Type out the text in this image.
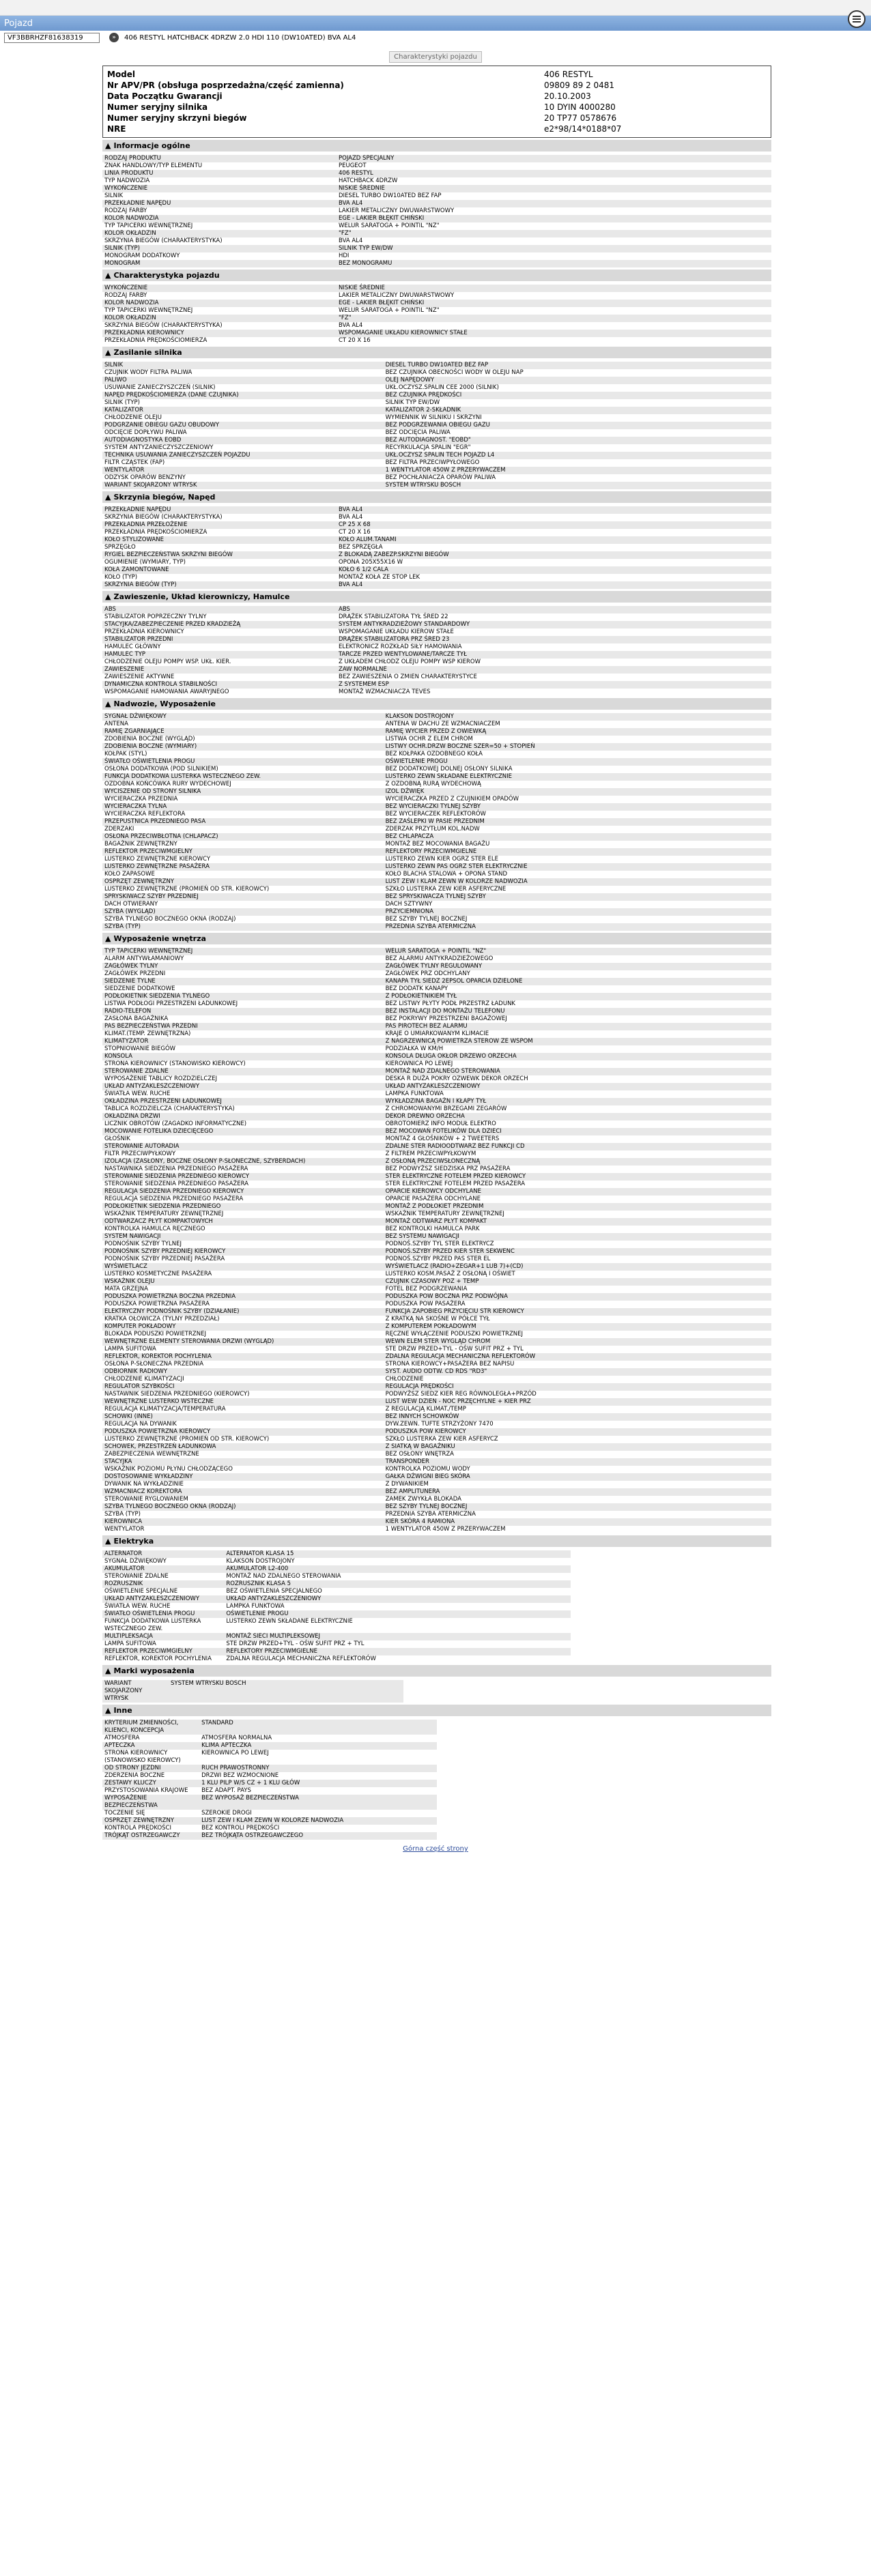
Pojazd
VF3BBRHZF81638319	»	406 RESTYL HATCHBACK 4DRZW 2.0 HDI 110 (DW10ATED) BVA AL4
Charakterystyki pojazdu
Model	406 RESTYL
Nr APV/PR (obsługa posprzedażna/część zamienna)	09809 89 2 0481
Data Początku Gwarancji	20.10.2003
Numer seryjny silnika	10 DYIN 4000280
Numer seryjny skrzyni biegów	20 TP77 0578676
NRE	e2*98/14*0188*07
▲ Informacje ogólne
RODZAJ PRODUKTU	POJAZD SPECJALNY
ZNAK HANDLOWY/TYP ELEMENTU	PEUGEOT
LINIA PRODUKTU	406 RESTYL
TYP NADWOZIA	HATCHBACK 4DRZW
WYKOŃCZENIE	NISKIE ŚREDNIE
SILNIK	DIESEL TURBO DW10ATED BEZ FAP
PRZEKŁADNIE NAPĘDU	BVA AL4
RODZAJ FARBY	LAKIER METALICZNY DWUWARSTWOWY
KOLOR NADWOZIA	EGE - LAKIER BŁĘKIT CHIŃSKI
TYP TAPICERKI WEWNĘTRZNEJ	WELUR SARATOGA + POINTIL "NZ"
KOLOR OKŁADZIN	"FZ"
SKRZYNIA BIEGÓW (CHARAKTERYSTYKA)	BVA AL4
SILNIK (TYP)	SILNIK TYP EW/DW
MONOGRAM DODATKOWY	HDI
MONOGRAM	BEZ MONOGRAMU
▲ Charakterystyka pojazdu
WYKOŃCZENIE	NISKIE ŚREDNIE
RODZAJ FARBY	LAKIER METALICZNY DWUWARSTWOWY
KOLOR NADWOZIA	EGE - LAKIER BŁĘKIT CHIŃSKI
TYP TAPICERKI WEWNĘTRZNEJ	WELUR SARATOGA + POINTIL "NZ"
KOLOR OKŁADZIN	"FZ"
SKRZYNIA BIEGÓW (CHARAKTERYSTYKA)	BVA AL4
PRZEKŁADNIA KIEROWNICY	WSPOMAGANIE UKŁADU KIEROWNICY STAŁE
PRZEKŁADNIA PRĘDKOŚCIOMIERZA	CT 20 X 16
▲ Zasilanie silnika
SILNIK	DIESEL TURBO DW10ATED BEZ FAP
CZUJNIK WODY FILTRA PALIWA	BEZ CZUJNIKA OBECNOŚCI WODY W OLEJU NAP
PALIWO	OLEJ NAPĘDOWY
USUWANIE ZANIECZYSZCZEŃ (SILNIK)	UKŁ.OCZYSZ.SPALIN CEE 2000 (SILNIK)
NAPĘD PRĘDKOŚCIOMIERZA (DANE CZUJNIKA)	BEZ CZUJNIKA PRĘDKOŚCI
SILNIK (TYP)	SILNIK TYP EW/DW
KATALIZATOR	KATALIZATOR 2-SKŁADNIK
CHŁODZENIE OLEJU	WYMIENNIK W SILNIKU I SKRZYNI
PODGRZANIE OBIEGU GAZU OBUDOWY	BEZ PODGRZEWANIA OBIEGU GAZU
ODCIĘCIE DOPŁYWU PALIWA	BEZ ODCIĘCIA PALIWA
AUTODIAGNOSTYKA EOBD	BEZ AUTODIAGNOST. "EOBD"
SYSTEM ANTYZANIECZYSZCZENIOWY	RECYRKULACJA SPALIN "EGR"
TECHNIKA USUWANIA ZANIECZYSZCZEŃ POJAZDU	UKŁ.OCZYSZ SPALIN TECH POJAZD L4
FILTR CZĄSTEK (FAP)	BEZ FILTRA PRZECIWPYŁOWEGO
WENTYLATOR	1 WENTYLATOR 450W Z PRZERYWACZEM
ODZYSK OPARÓW BENZYNY	BEZ POCHŁANIACZA OPARÓW PALIWA
WARIANT SKOJARZONY WTRYSK	SYSTEM WTRYSKU BOSCH
▲ Skrzynia biegów, Napęd
PRZEKŁADNIE NAPĘDU	BVA AL4
SKRZYNIA BIEGÓW (CHARAKTERYSTYKA)	BVA AL4
PRZEKŁADNIA PRZEŁOŻENIE	CP 25 X 68
PRZEKŁADNIA PRĘDKOŚCIOMIERZA	CT 20 X 16
KOŁO STYLIZOWANE	KOŁO ALUM.TANAMI
SPRZĘGŁO	BEZ SPRZĘGŁA
RYGIEL BEZPIECZEŃSTWA SKRZYNI BIEGÓW	Z BLOKADĄ ZABEZP.SKRZYNI BIEGÓW
OGUMIENIE (WYMIARY, TYP)	OPONA 205X55X16 W
KOŁA ZAMONTOWANE	KOŁO 6 1/2 CALA
KOŁO (TYP)	MONTAŻ KOŁA ZE STOP LEK
SKRZYNIA BIEGÓW (TYP)	BVA AL4
▲ Zawieszenie, Układ kierowniczy, Hamulce
ABS	ABS
STABILIZATOR POPRZECZNY TYLNY	DRĄŻEK STABILIZATORA TYŁ ŚRED 22
STACYJKA/ZABEZPIECZENIE PRZED KRADZIEŻĄ	SYSTEM ANTYKRADZIEŻOWY STANDARDOWY
PRZEKŁADNIA KIEROWNICY	WSPOMAGANIE UKŁADU KIEROW STAŁE
STABILIZATOR PRZEDNI	DRĄŻEK STABILIZATORA PRZ ŚRED 23
HAMULEC GŁÓWNY	ELEKTRONICZ ROZKŁAD SIŁY HAMOWANIA
HAMULEC TYP	TARCZE PRZED WENTYLOWANE/TARCZE TYŁ
CHŁODZENIE OLEJU POMPY WSP. UKŁ. KIER.	Z UKŁADEM CHŁODZ OLEJU POMPY WSP KIEROW
ZAWIESZENIE	ZAW NORMALNE
ZAWIESZENIE AKTYWNE	BEZ ZAWIESZENIA O ZMIEN CHARAKTERYSTYCE
DYNAMICZNA KONTROLA STABILNOŚCI	Z SYSTEMEM ESP
WSPOMAGANIE HAMOWANIA AWARYJNEGO	MONTAŻ WZMACNIACZA TEVES
▲ Nadwozie, Wyposażenie
SYGNAŁ DŹWIĘKOWY	KLAKSON DOSTROJONY
ANTENA	ANTENA W DACHU ZE WZMACNIACZEM
RAMIĘ ZGARNIAJĄCE	RAMIĘ WYCIER PRZED Z OWIEWKĄ
ZDOBIENIA BOCZNE (WYGLĄD)	LISTWA OCHR Z ELEM CHROM
ZDOBIENIA BOCZNE (WYMIARY)	LISTWY OCHR.DRZW BOCZNE SZER=50 + STOPIEŃ
KOŁPAK (STYL)	BEZ KOŁPAKA OZDOBNEGO KOŁA
ŚWIATŁO OŚWIETLENIA PROGU	OŚWIETLENIE PROGU
OSŁONA DODATKOWA (POD SILNIKIEM)	BEZ DODATKOWEJ DOLNEJ OSŁONY SILNIKA
FUNKCJA DODATKOWA LUSTERKA WSTECZNEGO ZEW.	LUSTERKO ZEWN SKŁADANE ELEKTRYCZNIE
OZDOBNA KOŃCÓWKA RURY WYDECHOWEJ	Z OZDOBNĄ RURĄ WYDECHOWĄ
WYCISZENIE OD STRONY SILNIKA	IZOL DŹWIĘK
WYCIERACZKA PRZEDNIA	WYCIERACZKA PRZED Z CZUJNIKIEM OPADÓW
WYCIERACZKA TYLNA	BEZ WYCIERACZKI TYLNEJ SZYBY
WYCIERACZKA REFLEKTORA	BEZ WYCIERACZEK REFLEKTORÓW
PRZEPUSTNICA PRZEDNIEGO PASA	BEZ ZAŚLEPKI W PASIE PRZEDNIM
ZDERZAKI	ZDERZAK PRZYTŁUM KOL.NADW
OSŁONA PRZECIWBŁOTNA (CHLAPACZ)	BEZ CHLAPACZA
BAGAŻNIK ZEWNĘTRZNY	MONTAŻ BEZ MOCOWANIA BAGAŻU
REFLEKTOR PRZECIWMGIELNY	REFLEKTORY PRZECIWMGIELNE
LUSTERKO ZEWNĘTRZNE KIEROWCY	LUSTERKO ZEWN KIER OGRZ STER ELE
LUSTERKO ZEWNĘTRZNE PASAŻERA	LUSTERKO ZEWN PAS OGRZ STER ELEKTRYCZNIE
KOŁO ZAPASOWE	KOŁO BLACHA STALOWA + OPONA STAND
OSPRZĘT ZEWNĘTRZNY	LUST ZEW I KLAM ZEWN W KOLORZE NADWOZIA
LUSTERKO ZEWNĘTRZNE (PROMIEŃ OD STR. KIEROWCY)	SZKŁO LUSTERKA ZEW KIER ASFERYCZNE
SPRYSKIWACZ SZYBY PRZEDNIEJ	BEZ SPRYSKIWACZA TYLNEJ SZYBY
DACH OTWIERANY	DACH SZTYWNY
SZYBA (WYGLĄD)	PRZYCIEMNIONA
SZYBA TYLNEGO BOCZNEGO OKNA (RODZAJ)	BEZ SZYBY TYLNEJ BOCZNEJ
SZYBA (TYP)	PRZEDNIA SZYBA ATERMICZNA
▲ Wyposażenie wnętrza
TYP TAPICERKI WEWNĘTRZNEJ	WELUR SARATOGA + POINTIL "NZ"
ALARM ANTYWŁAMANIOWY	BEZ ALARMU ANTYKRADZIEŻOWEGO
ZAGŁÓWEK TYLNY	ZAGŁÓWEK TYLNY REGULOWANY
ZAGŁÓWEK PRZEDNI	ZAGŁÓWEK PRZ ODCHYLANY
SIEDZENIE TYLNE	KANAPA TYŁ SIEDZ 2EPSOL OPARCIA DZIELONE
SIEDZENIE DODATKOWE	BEZ DODATK KANAPY
PODŁOKIETNIK SIEDZENIA TYLNEGO	Z PODŁOKIETNIKIEM TYŁ
LISTWA PODŁOGI PRZESTRZENI ŁADUNKOWEJ	BEZ LISTWY PŁYTY PODŁ PRZESTRZ ŁADUNK
RADIO-TELEFON	BEZ INSTALACJI DO MONTAŻU TELEFONU
ZASŁONA BAGAŻNIKA	BEZ POKRYWY PRZESTRZENI BAGAŻOWEJ
PAS BEZPIECZEŃSTWA PRZEDNI	PAS PIROTECH BEZ ALARMU
KLIMAT.(TEMP. ZEWNĘTRZNA)	KRAJE O UMIARKOWANYM KLIMACIE
KLIMATYZATOR	Z NAGRZEWNICĄ POWIETRZA STEROW ZE WSPOM
STOPNIOWANIE BIEGÓW	PODZIAŁKA W KM/H
KONSOLA	KONSOLA DŁUGA OKŁOR DRZEWO ORZECHA
STRONA KIEROWNICY (STANOWISKO KIEROWCY)	KIEROWNICA PO LEWEJ
STEROWANIE ZDALNE	MONTAŻ NAD ZDALNEGO STEROWANIA
WYPOSAŻENIE TABLICY ROZDZIELCZEJ	DESKA R DUŻA POKRY OZWEWK DEKOR ORZECH
UKŁAD ANTYZAKLESZCZENIOWY	UKŁAD ANTYZAKLESZCZENIOWY
ŚWIATŁA WEW. RUCHE	LAMPKA FUNKTOWA
OKŁADZINA PRZESTRZENI ŁADUNKOWEJ	WYKŁADZINA BAGAŻN I KŁAPY TYŁ
TABLICA ROZDZIELCZA (CHARAKTERYSTYKA)	Z CHROMOWANYMI BRZEGAMI ZEGARÓW
OKŁADZINA DRZWI	DEKOR DREWNO ORZECHA
LICZNIK OBROTÓW (ZAGADKO INFORMATYCZNE)	OBROTOMIERZ INFO MODUŁ ELEKTRO
MOCOWANIE FOTELIKA DZIECIĘCEGO	BEZ MOCOWAŃ FOTELIKÓW DLA DZIECI
GŁOŚNIK	MONTAŻ 4 GŁOŚNIKÓW + 2 TWEETERS
STEROWANIE AUTORADIA	ZDALNE STER RADIOODTWARZ BEZ FUNKCJI CD
FILTR PRZECIWPYŁKOWY	Z FILTREM PRZECIWPYŁKOWYM
IZOLACJA (ZASŁONY, BOCZNE OSŁONY P-SŁONECZNE, SZYBERDACH)	Z OSŁONĄ PRZECIWSŁONECZNĄ
NASTAWNIKA SIEDZENIA PRZEDNIEGO PASAŻERA	BEZ PODWYŻSZ SIEDZISKA PRZ PASAŻERA
STEROWANIE SIEDZENIA PRZEDNIEGO KIEROWCY	STER ELEKTRYCZNE FOTELEM PRZED KIEROWCY
STEROWANIE SIEDZENIA PRZEDNIEGO PASAŻERA	STER ELEKTRYCZNE FOTELEM PRZED PASAŻERA
REGULACJA SIEDZENIA PRZEDNIEGO KIEROWCY	OPARCIE KIEROWCY ODCHYLANE
REGULACJA SIEDZENIA PRZEDNIEGO PASAŻERA	OPARCIE PASAŻERA ODCHYLANE
PODŁOKIETNIK SIEDZENIA PRZEDNIEGO	MONTAŻ Z PODŁOKIET PRZEDNIM
WSKAŹNIK TEMPERATURY ZEWNĘTRZNEJ	WSKAŹNIK TEMPERATURY ZEWNĘTRZNEJ
ODTWARZACZ PŁYT KOMPAKTOWYCH	MONTAŻ ODTWARZ PŁYT KOMPAKT
KONTROLKA HAMULCA RĘCZNEGO	BEZ KONTROLKI HAMULCA PARK
SYSTEM NAWIGACJI	BEZ SYSTEMU NAWIGACJI
PODNOŚNIK SZYBY TYLNEJ	PODNOŚ.SZYBY TYL STER ELEKTRYCZ
PODNOŚNIK SZYBY PRZEDNIEJ KIEROWCY	PODNOŚ.SZYBY PRZED KIER STER SEKWENC
PODNOŚNIK SZYBY PRZEDNIEJ PASAŻERA	PODNOŚ.SZYBY PRZED PAS STER EL
WYŚWIETLACZ	WYŚWIETLACZ (RADIO+ZEGAR+1 LUB 7)+(CD)
LUSTERKO KOSMETYCZNE PASAŻERA	LUSTERKO KOSM.PASAŻ Z OSŁONĄ I OŚWIET
WSKAŹNIK OLEJU	CZUJNIK CZASOWY POZ + TEMP
MATA GRZEJNA	FOTEL BEZ PODGRZEWANIA
PODUSZKA POWIETRZNA BOCZNA PRZEDNIA	PODUSZKA POW BOCZNA PRZ PODWÓJNA
PODUSZKA POWIETRZNA PASAŻERA	PODUSZKA POW PASAŻERA
ELEKTRYCZNY PODNOŚNIK SZYBY (DZIAŁANIE)	FUNKCJA ZAPOBIEG PRZYCIĘCIU STR KIEROWCY
KRATKA OŁOWICZA (TYLNY PRZEDZIAŁ)	Z KRATKĄ NA SKOŚNE W PÓŁCE TYŁ
KOMPUTER POKŁADOWY	Z KOMPUTEREM POKŁADOWYM
BLOKADA PODUSZKI POWIETRZNEJ	RĘCZNE WYŁĄCZENIE PODUSZKI POWIETRZNEJ
WEWNĘTRZNE ELEMENTY STEROWANIA DRZWI (WYGLĄD)	WEWN ELEM STER WYGLĄD CHROM
LAMPA SUFITOWA	STE DRZW PRZED+TYL - OŚW SUFIT PRZ + TYL
REFLEKTOR, KOREKTOR POCHYLENIA	ZDALNA REGULACJA MECHANICZNA REFLEKTORÓW
OSŁONA P-SŁONECZNA PRZEDNIA	STRONA KIEROWCY+PASAŻERA BEZ NAPISU
ODBIORNIK RADIOWY	SYST. AUDIO ODTW. CD RDS "RD3"
CHŁODZENIE KLIMATYZACJI	CHŁODZENIE
REGULATOR SZYBKOŚCI	REGULACJA PRĘDKOŚCI
NASTAWNIK SIEDZENIA PRZEDNIEGO (KIEROWCY)	PODWYŻSZ SIEDZ KIER REG RÓWNOLEGŁA+PRZÓD
WEWNĘTRZNE LUSTERKO WSTECZNE	LUST WEW DZIEN - NOC PRZĘCHYLNE + KIER PRZ
REGULACJA KLIMATYZACJA/TEMPERATURA	Z REGULACJĄ KLIMAT./TEMP
SCHOWKI (INNE)	BEZ INNYCH SCHOWKÓW
REGULACJA NA DYWANIK	DYW.ZEWN. TUFTE STRZYŻONY 7470
PODUSZKA POWIETRZNA KIEROWCY	PODUSZKA POW KIEROWCY
LUSTERKO ZEWNĘTRZNE (PROMIEŃ OD STR. KIEROWCY)	SZKŁO LUSTERKA ZEW KIER ASFERYCZ
SCHOWEK, PRZESTRZEŃ ŁADUNKOWA	Z SIATKĄ W BAGAŻNIKU
ZABEZPIECZENIA WEWNĘTRZNE	BEZ OSŁONY WNĘTRZA
STACYJKA	TRANSPONDER
WSKAŹNIK POZIOMU PŁYNU CHŁODZĄCEGO	KONTROLKA POZIOMU WODY
DOSTOSOWANIE WYKŁADZINY	GAŁKA DŹWIGNI BIEG SKÓRA
DYWANIK NA WYKŁADZINIE	Z DYWANIKIEM
WZMACNIACZ KOREKTORA	BEZ AMPLITUNERA
STEROWANIE RYGLOWANIEM	ZAMEK ZWYKŁA BLOKADA
SZYBA TYLNEGO BOCZNEGO OKNA (RODZAJ)	BEZ SZYBY TYLNEJ BOCZNEJ
SZYBA (TYP)	PRZEDNIA SZYBA ATERMICZNA
KIEROWNICA	KIER SKÓRA 4 RAMIONA
WENTYLATOR	1 WENTYLATOR 450W Z PRZERYWACZEM
▲ Elektryka
ALTERNATOR	ALTERNATOR KLASA 15
SYGNAŁ DŹWIĘKOWY	KLAKSON DOSTROJONY
AKUMULATOR	AKUMULATOR L2-400
STEROWANIE ZDALNE	MONTAŻ NAD ZDALNEGO STEROWANIA
ROZRUSZNIK	ROZRUSZNIK KLASA 5
OŚWIETLENIE SPECJALNE	BEZ OŚWIETLENIA SPECJALNEGO
UKŁAD ANTYZAKLESZCZENIOWY	UKŁAD ANTYZAKLESZCZENIOWY
ŚWIATŁA WEW. RUCHE	LAMPKA FUNKTOWA
ŚWIATŁO OŚWIETLENIA PROGU	OŚWIETLENIE PROGU
FUNKCJA DODATKOWA LUSTERKA WSTECZNEGO ZEW.	LUSTERKO ZEWN SKŁADANE ELEKTRYCZNIE
MULTIPLEKSACJA	MONTAŻ SIECI MULTIPLEKSOWEJ
LAMPA SUFITOWA	STE DRZW PRZED+TYL - OŚW SUFIT PRZ + TYL
REFLEKTOR PRZECIWMGIELNY	REFLEKTORY PRZECIWMGIELNE
REFLEKTOR, KOREKTOR POCHYLENIA	ZDALNA REGULACJA MECHANICZNA REFLEKTORÓW
▲ Marki wyposażenia
WARIANT SKOJARZONY WTRYSK	SYSTEM WTRYSKU BOSCH
▲ Inne
KRYTERIUM ZMIENNOŚCI, KLIENCI, KONCEPCJA	STANDARD
ATMOSFERA	ATMOSFERA NORMALNA
APTECZKA	KLIMA APTECZKA
STRONA KIEROWNICY (STANOWISKO KIEROWCY)	KIEROWNICA PO LEWEJ
OD STRONY JEZDNI	RUCH PRAWOSTRONNY
ZDERZENIA BOCZNE	DRZWI BEZ WZMOCNIONE
ZESTAWY KLUCZY	1 KLU PILP W/S CZ + 1 KLU GŁÓW
PRZYSTOSOWANIA KRAJOWE	BEZ ADAPT. PAYS
WYPOSAŻENIE BEZPIECZEŃSTWA	BEZ WYPOSAŻ BEZPIECZEŃSTWA
TOCZENIE SIĘ	SZEROKIE DROGI
OSPRZĘT ZEWNĘTRZNY	LUST ZEW I KLAM ZEWN W KOLORZE NADWOZIA
KONTROLA PRĘDKOŚCI	BEZ KONTROLI PRĘDKOŚCI
TRÓJKĄT OSTRZEGAWCZY	BEZ TRÓJKĄTA OSTRZEGAWCZEGO
Górna część strony
